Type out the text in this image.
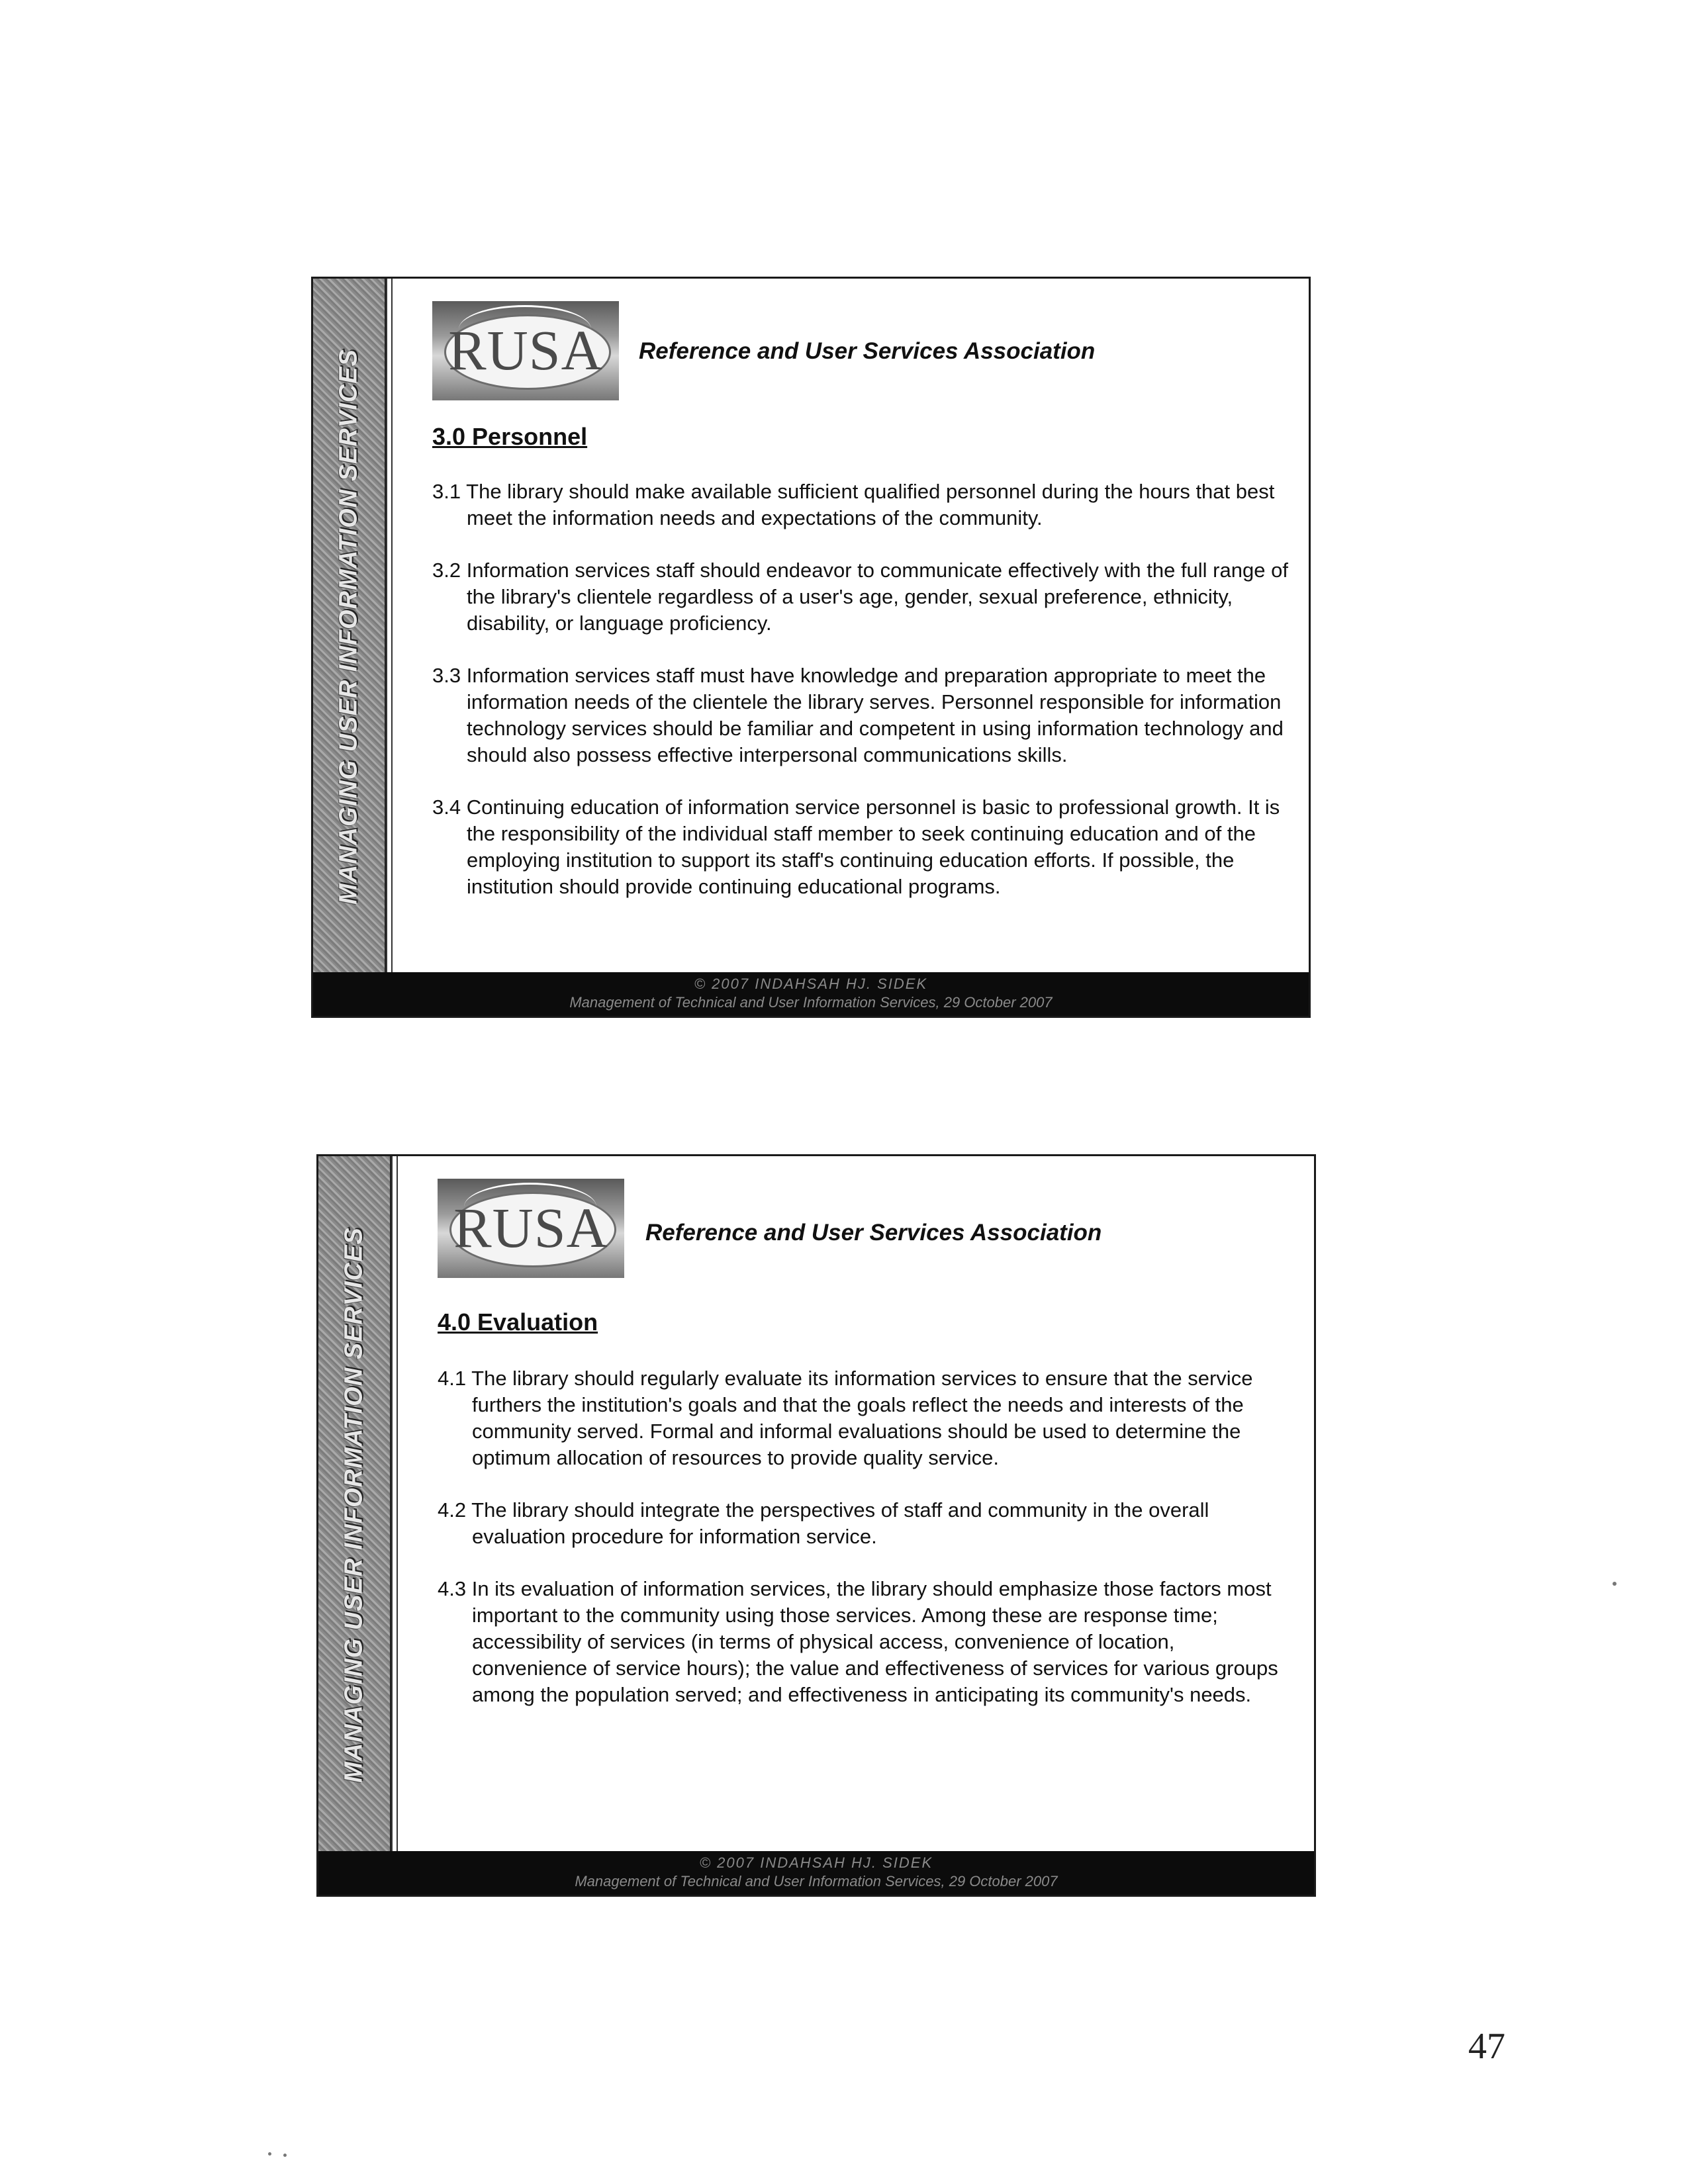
MANAGING USER INFORMATION SERVICES RUSA	Reference and User Services Association
3.0 Personnel
3.1 The library should make available sufficient qualified personnel during the hours that best meet the information needs and expectations of the community.
3.2 Information services staff should endeavor to communicate effectively with the full range of the library's clientele regardless of a user's age, gender, sexual preference, ethnicity, disability, or language proficiency.
3.3 Information services staff must have knowledge and preparation appropriate to meet the information needs of the clientele the library serves. Personnel responsible for information technology services should be familiar and competent in using information technology and should also possess effective interpersonal communications skills.
3.4 Continuing education of information service personnel is basic to professional growth. It is the responsibility of the individual staff member to seek continuing education and of the employing institution to support its staff's continuing education efforts. If possible, the institution should provide continuing educational programs.
© 2007 INDAHSAH HJ. SIDEK
Management of Technical and User Information Services, 29 October 2007
MANAGING USER INFORMATION SERVICES RUSA	Reference and User Services Association
4.0 Evaluation
4.1 The library should regularly evaluate its information services to ensure that the service furthers the institution's goals and that the goals reflect the needs and interests of the community served. Formal and informal evaluations should be used to determine the optimum allocation of resources to provide quality service.
4.2 The library should integrate the perspectives of staff and community in the overall evaluation procedure for information service.
4.3 In its evaluation of information services, the library should emphasize those factors most important to the community using those services. Among these are response time; accessibility of services (in terms of physical access, convenience of location, convenience of service hours); the value and effectiveness of services for various groups among the population served; and effectiveness in anticipating its community's needs.
© 2007 INDAHSAH HJ. SIDEK
Management of Technical and User Information Services, 29 October 2007
47
